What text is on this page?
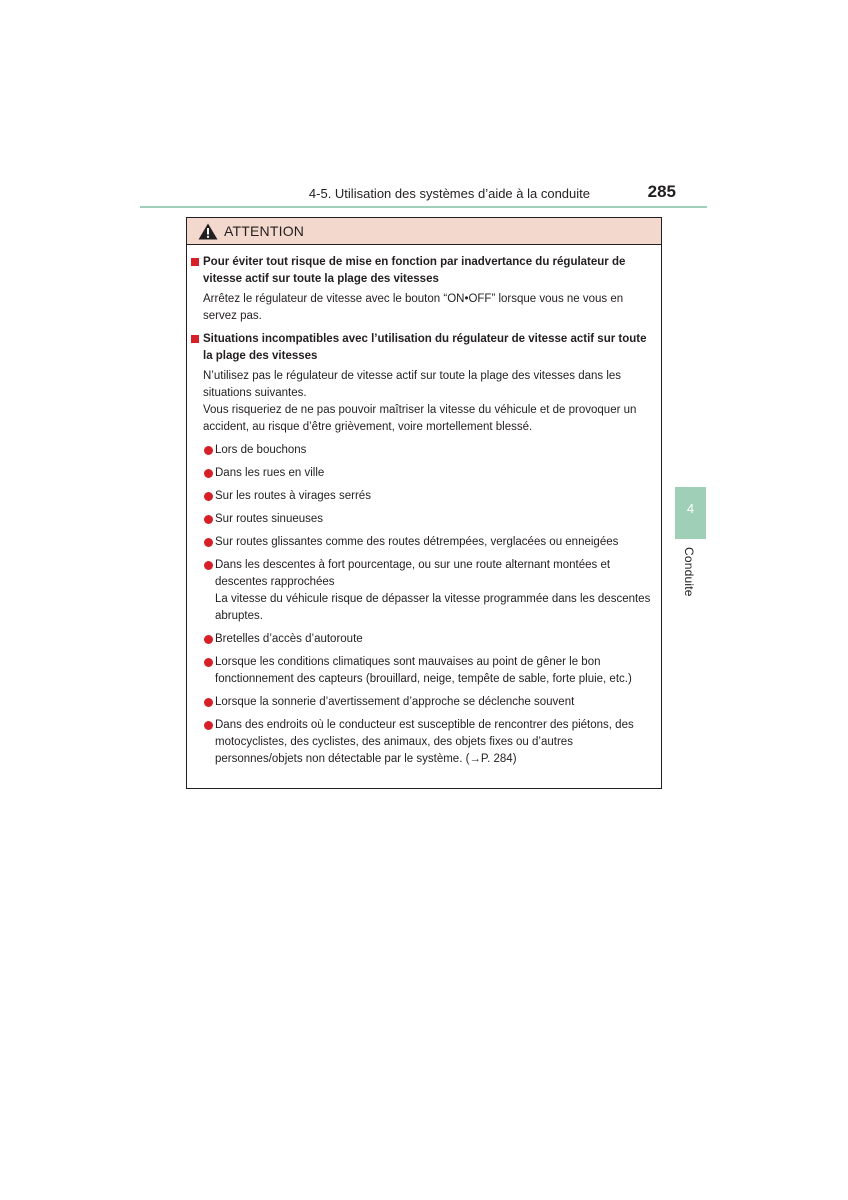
4-5. Utilisation des systèmes d’aide à la conduite	285
4
Conduite
ATTENTION
Pour éviter tout risque de mise en fonction par inadvertance du régulateur de vitesse actif sur toute la plage des vitesses

Arrêtez le régulateur de vitesse avec le bouton “ON•OFF” lorsque vous ne vous en servez pas.

Situations incompatibles avec l’utilisation du régulateur de vitesse actif sur toute la plage des vitesses

N’utilisez pas le régulateur de vitesse actif sur toute la plage des vitesses dans les situations suivantes.

Vous risqueriez de ne pas pouvoir maîtriser la vitesse du véhicule et de provoquer un accident, au risque d’être grièvement, voire mortellement blessé.

Lors de bouchons
Dans les rues en ville
Sur les routes à virages serrés
Sur routes sinueuses
Sur routes glissantes comme des routes détrempées, verglacées ou enneigées
Dans les descentes à fort pourcentage, ou sur une route alternant montées et descentes rapprochées
La vitesse du véhicule risque de dépasser la vitesse programmée dans les descentes abruptes.
Bretelles d’accès d’autoroute
Lorsque les conditions climatiques sont mauvaises au point de gêner le bon fonctionnement des capteurs (brouillard, neige, tempête de sable, forte pluie, etc.)
Lorsque la sonnerie d’avertissement d’approche se déclenche souvent
Dans des endroits où le conducteur est susceptible de rencontrer des piétons, des motocyclistes, des cyclistes, des animaux, des objets fixes ou d’autres personnes/objets non détectable par le système. (→P. 284)
